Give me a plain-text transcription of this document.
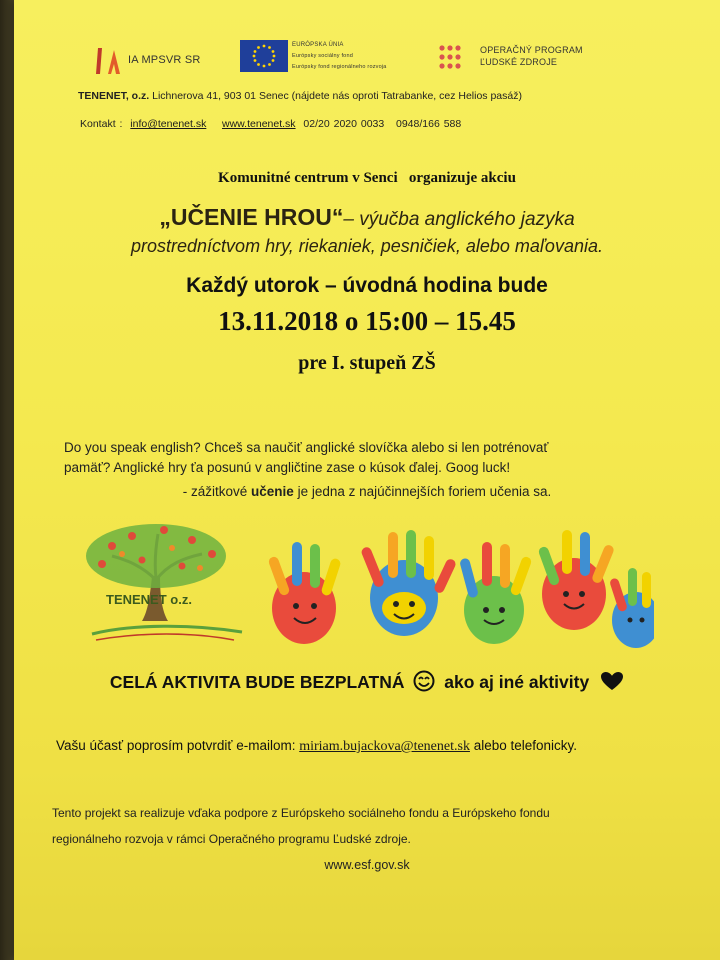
IA MPSVR SR
EURÓPSKA ÚNIA
Európsky sociálny fond
Európsky fond regionálneho rozvoja
OPERAČNÝ PROGRAM
ĽUDSKÉ ZDROJE
TENENET, o.z. Lichnerova 41, 903 01 Senec (nájdete nás oproti Tatrabanke, cez Helios pasáž)
Kontakt : info@tenenet.sk www.tenenet.sk 02/20 2020 0033 0948/166 588
Komunitné centrum v Senci organizuje akciu
„UČENIE HROU“– výučba anglického jazyka
prostredníctvom hry, riekaniek, pesničiek, alebo maľovania.
Každý utorok – úvodná hodina bude
13.11.2018 o 15:00 – 15.45
pre I. stupeň ZŠ
Do you speak english? Chceš sa naučiť anglické slovíčka alebo si len potrénovať
pamäť? Anglické hry ťa posunú v angličtine zase o kúsok ďalej. Goog luck!
- zážitkové učenie je jedna z najúčinnejších foriem učenia sa.
TENENET o.z.
CELÁ AKTIVITA BUDE BEZPLATNÁ ako aj iné aktivity
Vašu účasť poprosím potvrdiť e-mailom: miriam.bujackova@tenenet.sk alebo telefonicky.
Tento projekt sa realizuje vďaka podpore z Európskeho sociálneho fondu a Európskeho fondu
regionálneho rozvoja v rámci Operačného programu Ľudské zdroje.
www.esf.gov.sk
